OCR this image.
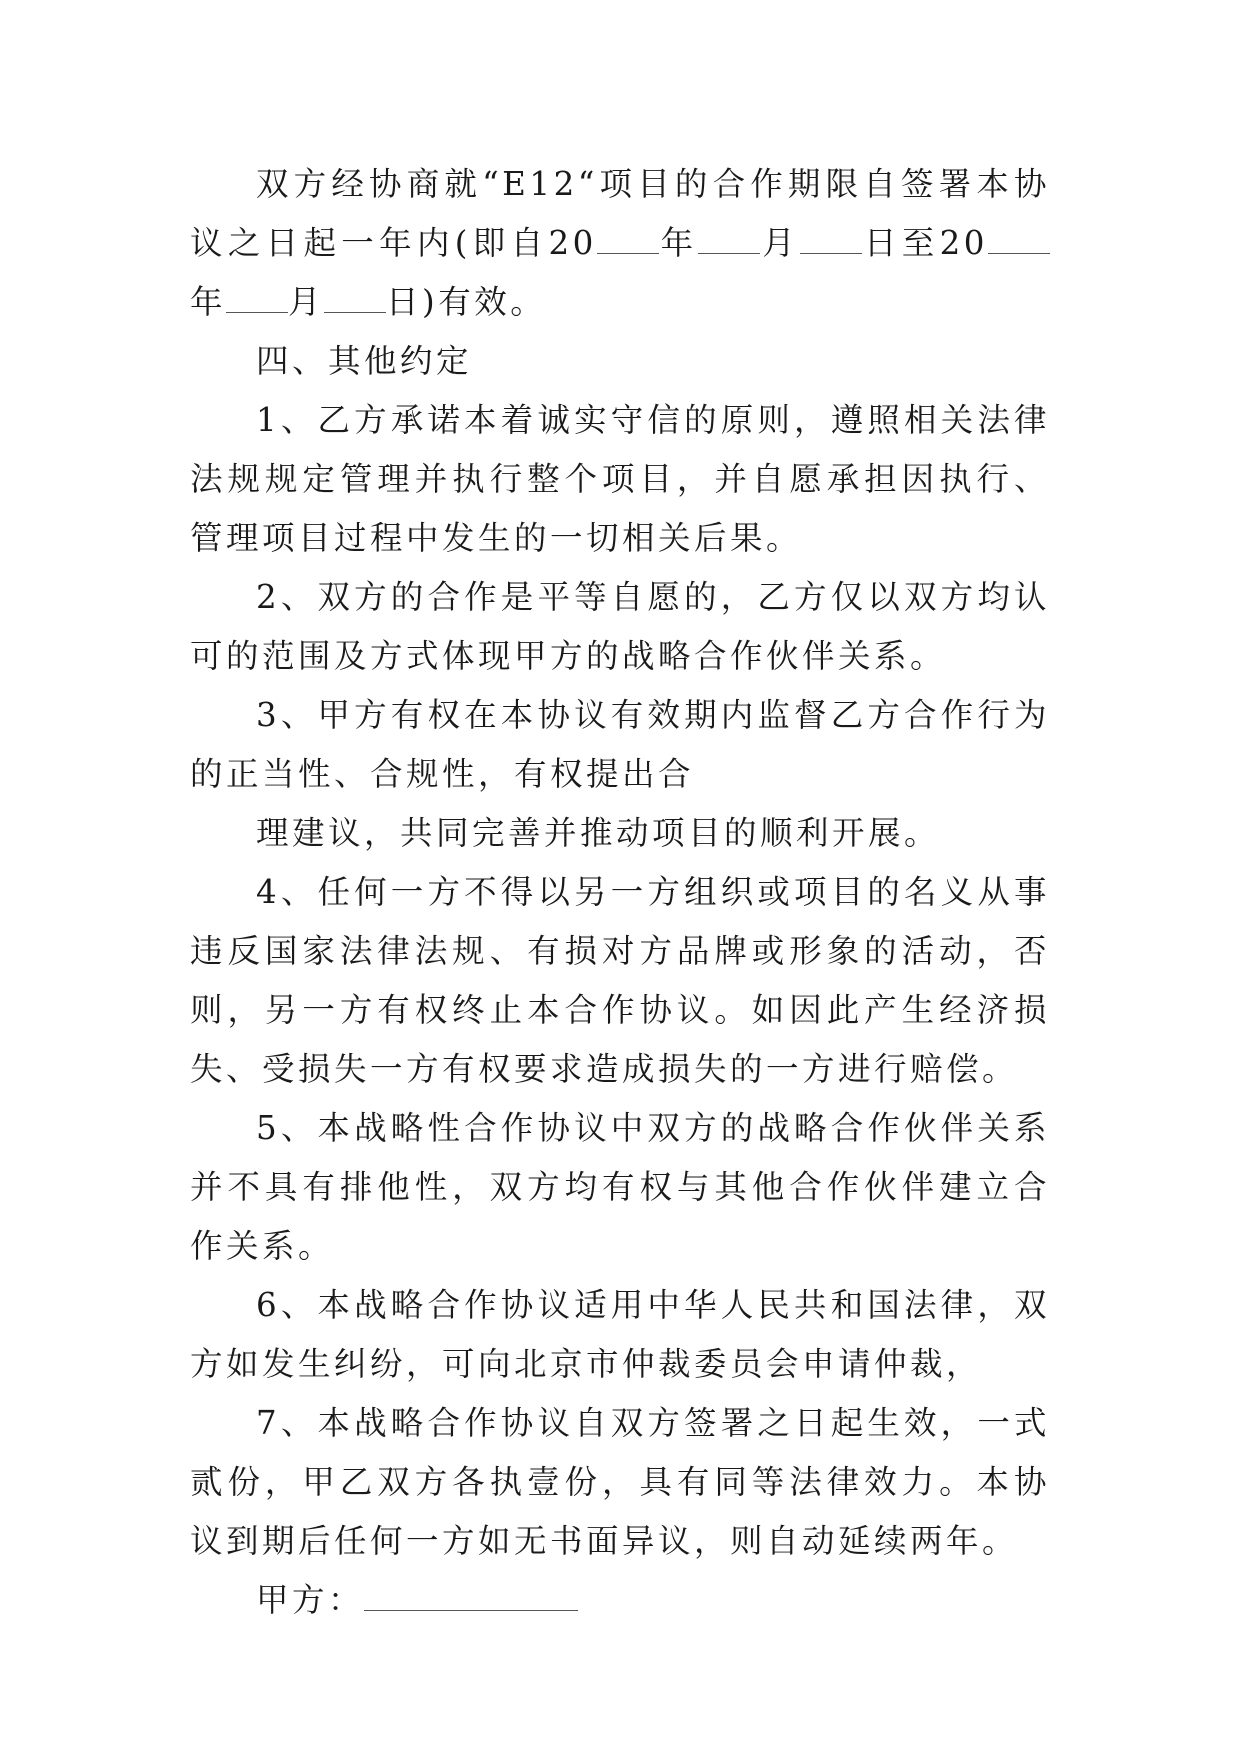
双方经协商就“E12“项目的合作期限自签署本协议之日起一年内(即自20 年 月 日至20年 月 日)有效。

四、其他约定

1、乙方承诺本着诚实守信的原则，遵照相关法律法规规定管理并执行整个项目，并自愿承担因执行、管理项目过程中发生的一切相关后果。

2、双方的合作是平等自愿的，乙方仅以双方均认可的范围及方式体现甲方的战略合作伙伴关系。

3、甲方有权在本协议有效期内监督乙方合作行为的正当性、合规性，有权提出合

理建议，共同完善并推动项目的顺利开展。

4、任何一方不得以另一方组织或项目的名义从事违反国家法律法规、有损对方品牌或形象的活动，否则，另一方有权终止本合作协议。如因此产生经济损失、受损失一方有权要求造成损失的一方进行赔偿。

5、本战略性合作协议中双方的战略合作伙伴关系并不具有排他性，双方均有权与其他合作伙伴建立合作关系。

6、本战略合作协议适用中华人民共和国法律，双方如发生纠纷，可向北京市仲裁委员会申请仲裁，

7、本战略合作协议自双方签署之日起生效，一式贰份，甲乙双方各执壹份，具有同等法律效力。本协议到期后任何一方如无书面异议，则自动延续两年。

甲方：
